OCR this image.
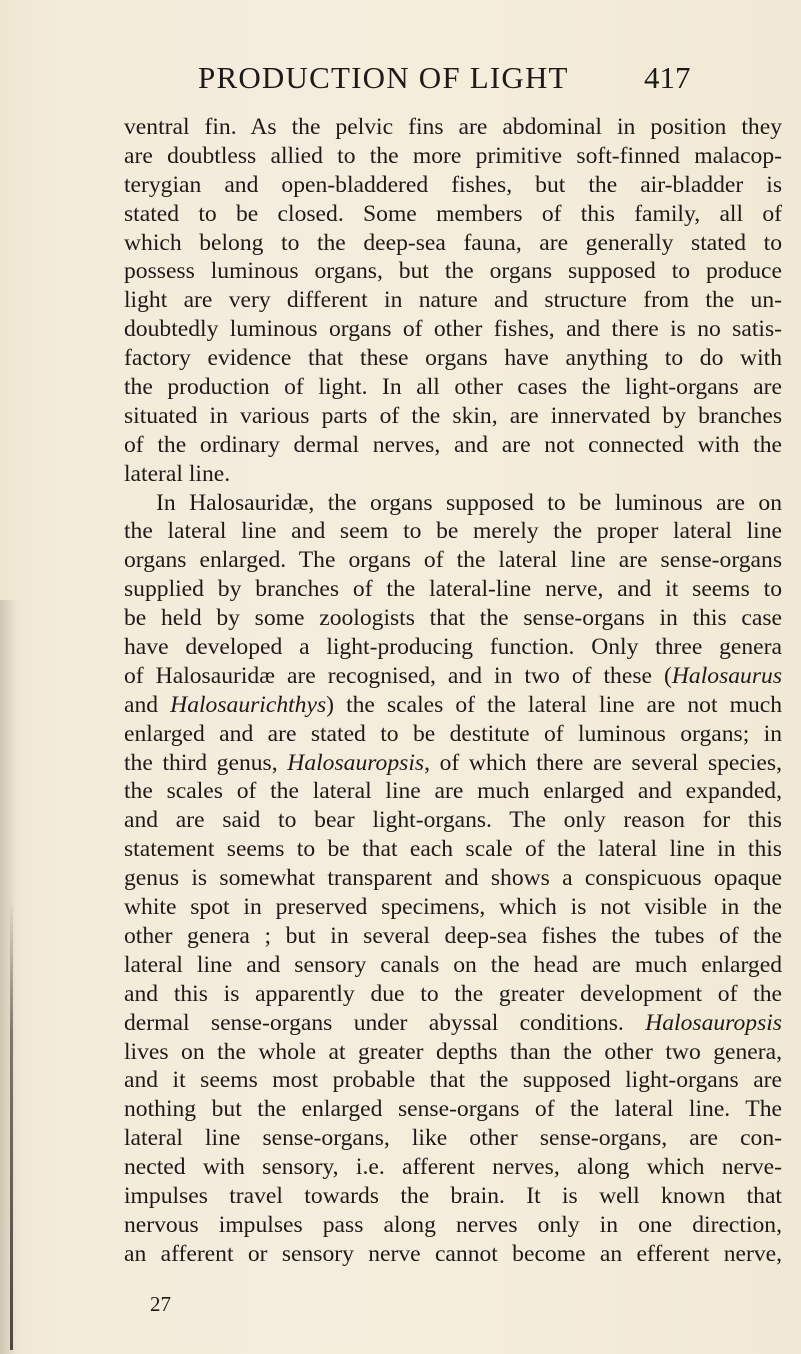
PRODUCTION OF LIGHT 417
ventral fin. As the pelvic fins are abdominal in position they
are doubtless allied to the more primitive soft-finned malacop-
terygian and open-bladdered fishes, but the air-bladder is
stated to be closed. Some members of this family, all of
which belong to the deep-sea fauna, are generally stated to
possess luminous organs, but the organs supposed to produce
light are very different in nature and structure from the un-
doubtedly luminous organs of other fishes, and there is no satis-
factory evidence that these organs have anything to do with
the production of light. In all other cases the light-organs are
situated in various parts of the skin, are innervated by branches
of the ordinary dermal nerves, and are not connected with the
lateral line.
In Halosauridæ, the organs supposed to be luminous are on
the lateral line and seem to be merely the proper lateral line
organs enlarged. The organs of the lateral line are sense-organs
supplied by branches of the lateral-line nerve, and it seems to
be held by some zoologists that the sense-organs in this case
have developed a light-producing function. Only three genera
of Halosauridæ are recognised, and in two of these (Halosaurus
and Halosaurichthys) the scales of the lateral line are not much
enlarged and are stated to be destitute of luminous organs; in
the third genus, Halosauropsis, of which there are several species,
the scales of the lateral line are much enlarged and expanded,
and are said to bear light-organs. The only reason for this
statement seems to be that each scale of the lateral line in this
genus is somewhat transparent and shows a conspicuous opaque
white spot in preserved specimens, which is not visible in the
other genera ; but in several deep-sea fishes the tubes of the
lateral line and sensory canals on the head are much enlarged
and this is apparently due to the greater development of the
dermal sense-organs under abyssal conditions. Halosauropsis
lives on the whole at greater depths than the other two genera,
and it seems most probable that the supposed light-organs are
nothing but the enlarged sense-organs of the lateral line. The
lateral line sense-organs, like other sense-organs, are con-
nected with sensory, i.e. afferent nerves, along which nerve-
impulses travel towards the brain. It is well known that
nervous impulses pass along nerves only in one direction,
an afferent or sensory nerve cannot become an efferent nerve,
27
